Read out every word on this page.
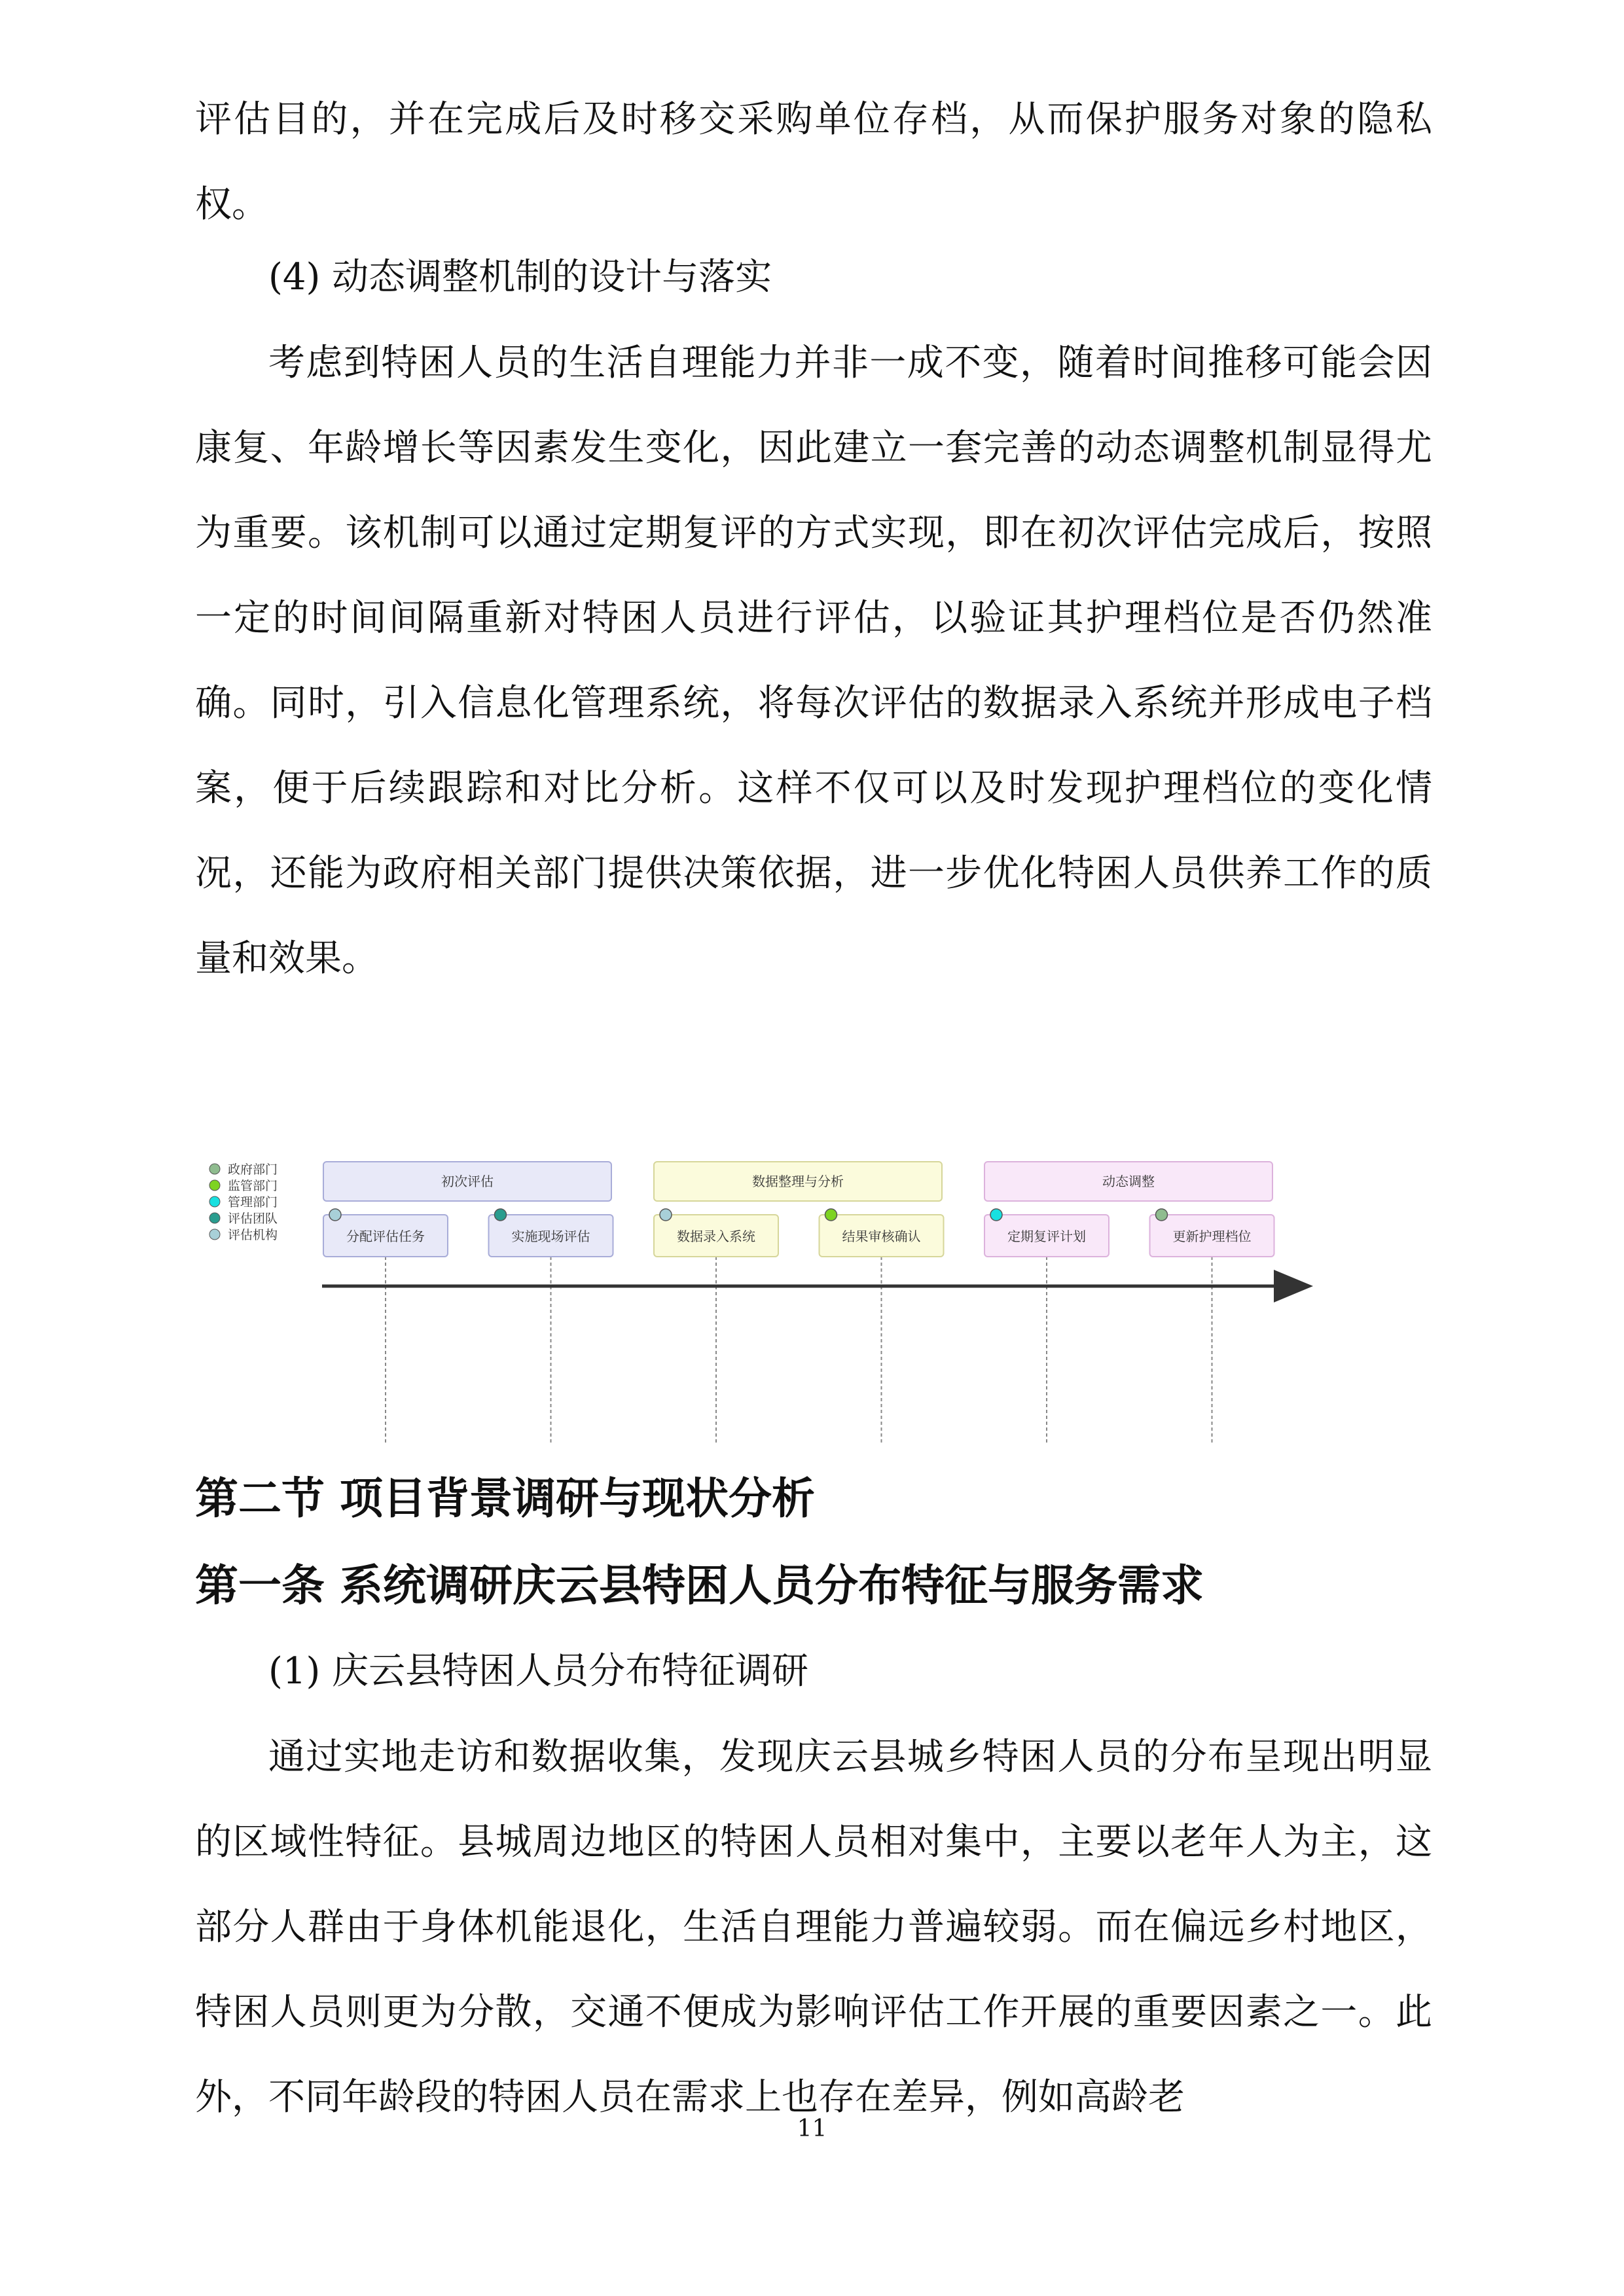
评估目的，并在完成后及时移交采购单位存档，从而保护服务对象的隐私权。

(4) 动态调整机制的设计与落实

考虑到特困人员的生活自理能力并非一成不变，随着时间推移可能会因康复、年龄增长等因素发生变化，因此建立一套完善的动态调整机制显得尤为重要。该机制可以通过定期复评的方式实现，即在初次评估完成后，按照一定的时间间隔重新对特困人员进行评估，以验证其护理档位是否仍然准确。同时，引入信息化管理系统，将每次评估的数据录入系统并形成电子档案，便于后续跟踪和对比分析。这样不仅可以及时发现护理档位的变化情况，还能为政府相关部门提供决策依据，进一步优化特困人员供养工作的质量和效果。

政府部门
监管部门
管理部门
评估团队
评估机构
初次评估	数据整理与分析	动态调整
分配评估任务	实施现场评估	数据录入系统	结果审核确认	定期复评计划	更新护理档位
第二节 项目背景调研与现状分析
第一条 系统调研庆云县特困人员分布特征与服务需求

(1) 庆云县特困人员分布特征调研

通过实地走访和数据收集，发现庆云县城乡特困人员的分布呈现出明显的区域性特征。县城周边地区的特困人员相对集中，主要以老年人为主，这部分人群由于身体机能退化，生活自理能力普遍较弱。而在偏远乡村地区，特困人员则更为分散，交通不便成为影响评估工作开展的重要因素之一。此外，不同年龄段的特困人员在需求上也存在差异，例如高龄老

11
